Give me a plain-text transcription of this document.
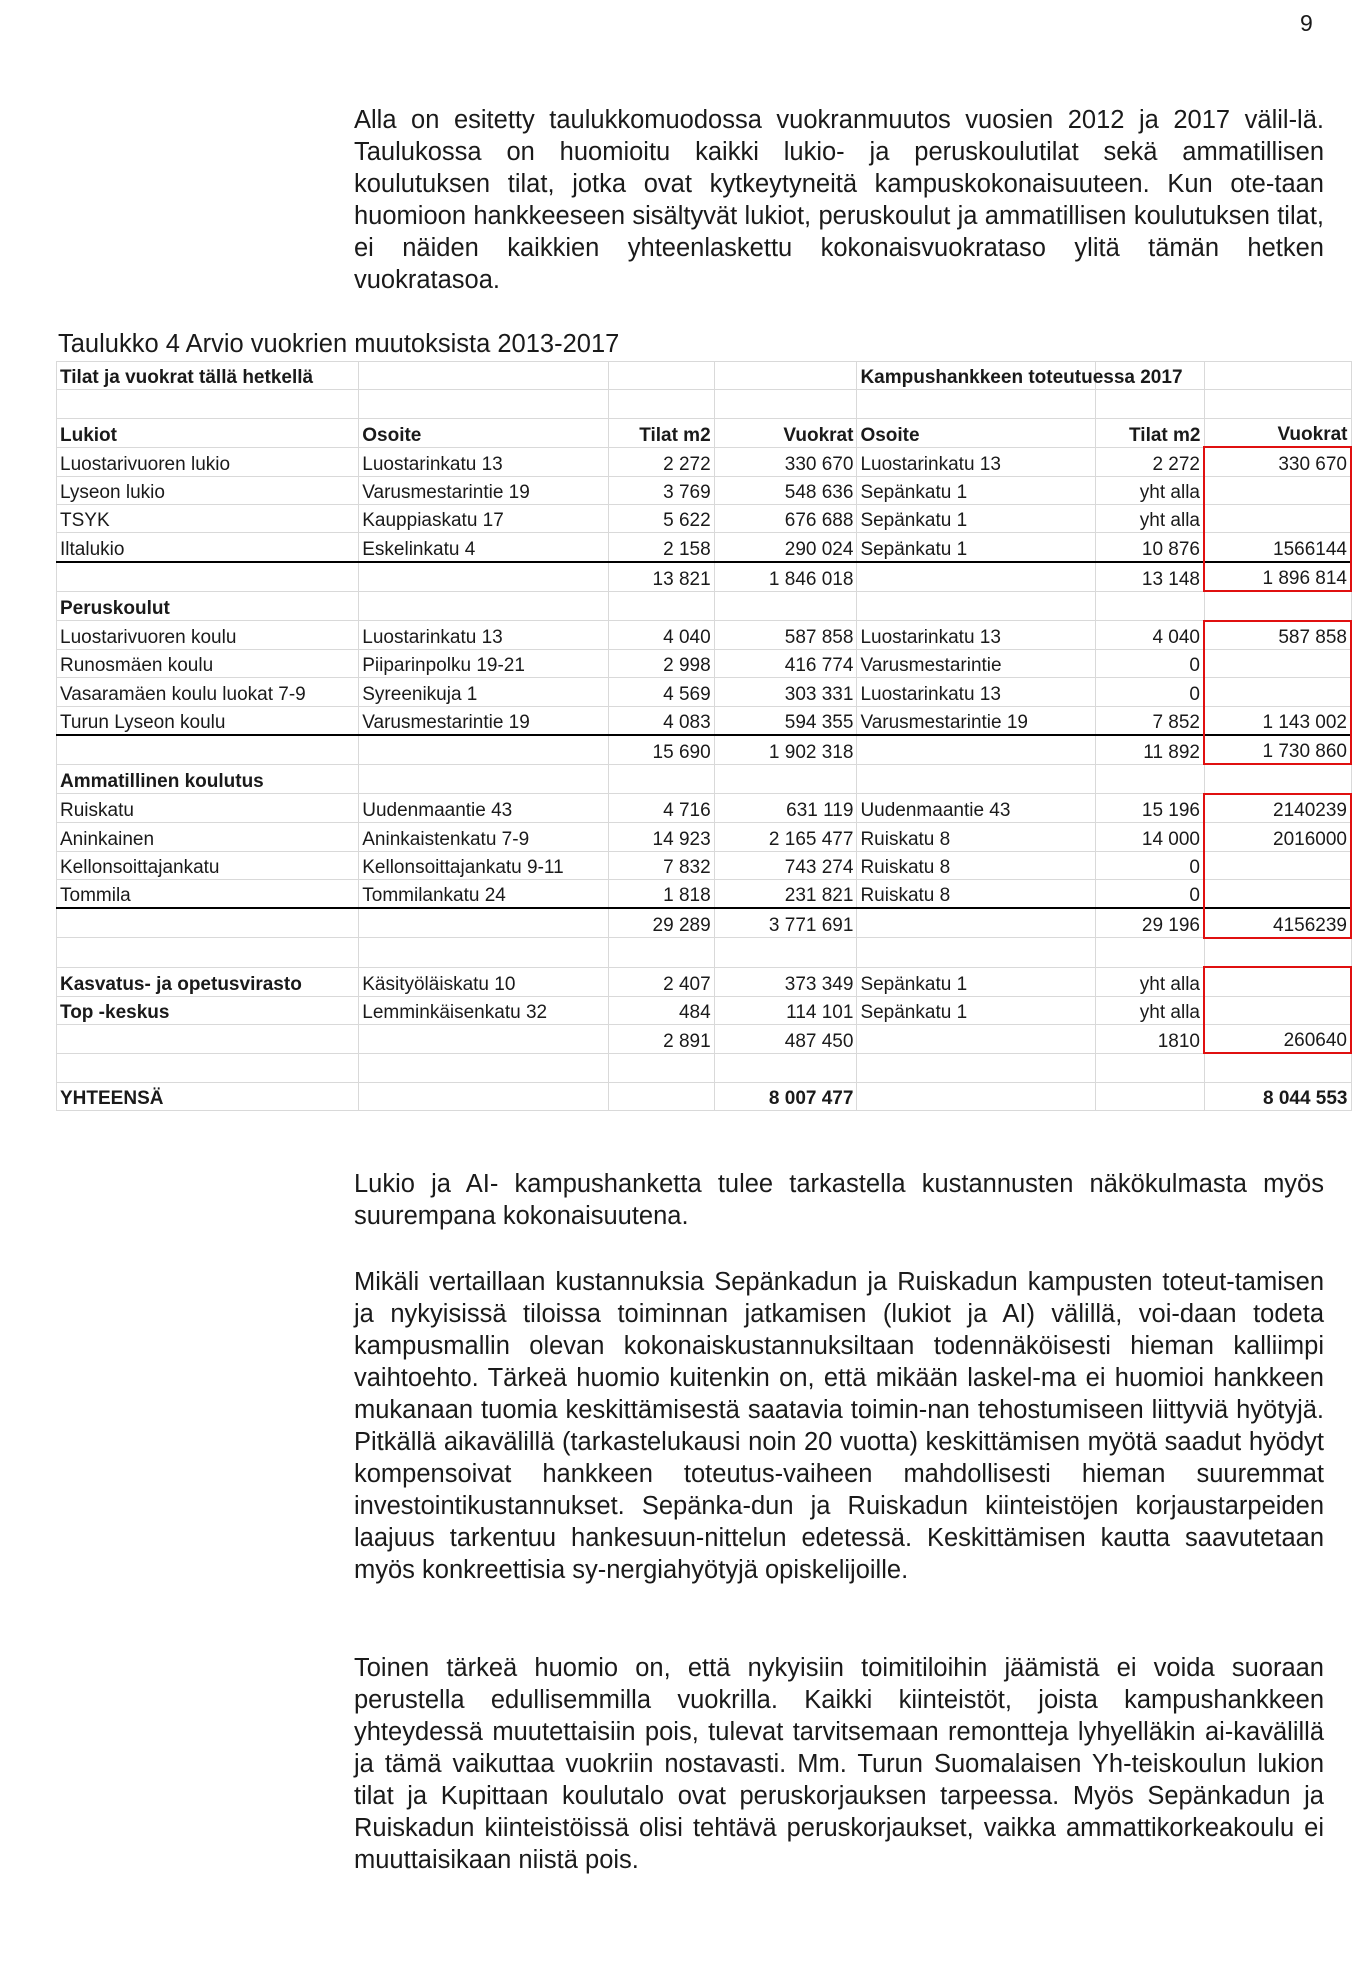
9

Alla on esitetty taulukkomuodossa vuokranmuutos vuosien 2012 ja 2017 välil-lä. Taulukossa on huomioitu kaikki lukio- ja peruskoulutilat sekä ammatillisen koulutuksen tilat, jotka ovat kytkeytyneitä kampuskokonaisuuteen. Kun ote-taan huomioon hankkeeseen sisältyvät lukiot, peruskoulut ja ammatillisen koulutuksen tilat, ei näiden kaikkien yhteenlaskettu kokonaisvuokrataso ylitä tämän hetken vuokratasoa.

Taulukko 4 Arvio vuokrien muutoksista 2013-2017
Tilat ja vuokrat tällä hetkellä				Kampushankkeen toteutuessa 2017		

Lukiot	Osoite	Tilat m2	Vuokrat	Osoite	Tilat m2	Vuokrat
Luostarivuoren lukio	Luostarinkatu 13	2 272	330 670	Luostarinkatu 13	2 272	330 670
Lyseon lukio	Varusmestarintie 19	3 769	548 636	Sepänkatu 1	yht alla	
TSYK	Kauppiaskatu 17	5 622	676 688	Sepänkatu 1	yht alla	
Iltalukio	Eskelinkatu 4	2 158	290 024	Sepänkatu 1	10 876	1566144
		13 821	1 846 018		13 148	1 896 814
Peruskoulut						
Luostarivuoren koulu	Luostarinkatu 13	4 040	587 858	Luostarinkatu 13	4 040	587 858
Runosmäen koulu	Piiparinpolku 19-21	2 998	416 774	Varusmestarintie	0	
Vasaramäen koulu luokat 7-9	Syreenikuja 1	4 569	303 331	Luostarinkatu 13	0	
Turun Lyseon koulu	Varusmestarintie 19	4 083	594 355	Varusmestarintie 19	7 852	1 143 002
		15 690	1 902 318		11 892	1 730 860
Ammatillinen koulutus						
Ruiskatu	Uudenmaantie 43	4 716	631 119	Uudenmaantie 43	15 196	2140239
Aninkainen	Aninkaistenkatu 7-9	14 923	2 165 477	Ruiskatu 8	14 000	2016000
Kellonsoittajankatu	Kellonsoittajankatu 9-11	7 832	743 274	Ruiskatu 8	0	
Tommila	Tommilankatu 24	1 818	231 821	Ruiskatu 8	0	
		29 289	3 771 691		29 196	4156239

Kasvatus- ja opetusvirasto	Käsityöläiskatu 10	2 407	373 349	Sepänkatu 1	yht alla	
Top -keskus	Lemminkäisenkatu 32	484	114 101	Sepänkatu 1	yht alla	
		2 891	487 450		1810	260640

YHTEENSÄ			8 007 477			8 044 553

Lukio ja AI- kampushanketta tulee tarkastella kustannusten näkökulmasta myös suurempana kokonaisuutena.

Mikäli vertaillaan kustannuksia Sepänkadun ja Ruiskadun kampusten toteut-tamisen ja nykyisissä tiloissa toiminnan jatkamisen (lukiot ja AI) välillä, voi-daan todeta kampusmallin olevan kokonaiskustannuksiltaan todennäköisesti hieman kalliimpi vaihtoehto. Tärkeä huomio kuitenkin on, että mikään laskel-ma ei huomioi hankkeen mukanaan tuomia keskittämisestä saatavia toimin-nan tehostumiseen liittyviä hyötyjä. Pitkällä aikavälillä (tarkastelukausi noin 20 vuotta) keskittämisen myötä saadut hyödyt kompensoivat hankkeen toteutus-vaiheen mahdollisesti hieman suuremmat investointikustannukset. Sepänka-dun ja Ruiskadun kiinteistöjen korjaustarpeiden laajuus tarkentuu hankesuun-nittelun edetessä. Keskittämisen kautta saavutetaan myös konkreettisia sy-nergiahyötyjä opiskelijoille.

Toinen tärkeä huomio on, että nykyisiin toimitiloihin jäämistä ei voida suoraan perustella edullisemmilla vuokrilla. Kaikki kiinteistöt, joista kampushankkeen yhteydessä muutettaisiin pois, tulevat tarvitsemaan remontteja lyhyelläkin ai-kavälillä ja tämä vaikuttaa vuokriin nostavasti. Mm. Turun Suomalaisen Yh-teiskoulun lukion tilat ja Kupittaan koulutalo ovat peruskorjauksen tarpeessa. Myös Sepänkadun ja Ruiskadun kiinteistöissä olisi tehtävä peruskorjaukset, vaikka ammattikorkeakoulu ei muuttaisikaan niistä pois.
